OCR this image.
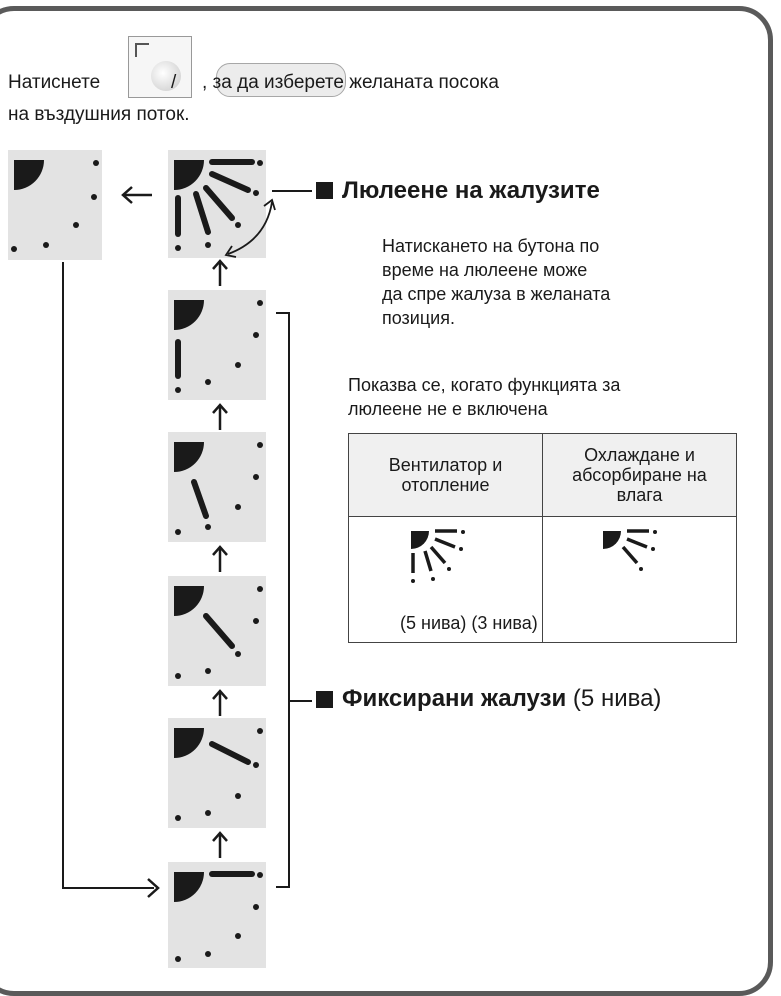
Натиснете	/ , за да изберете желаната посока
на въздушния поток.
Люлеене на жалузите
Натискането на бутона по
време на люлеене може
да спре жалуза в желаната
позиция.
Показва се, когато функцията за
люлеене не е включена
Вентилатор и отопление	Охлаждане и абсорбиране на влага

(5 нива) (3 нива)
Фиксирани жалузи (5 нива)
